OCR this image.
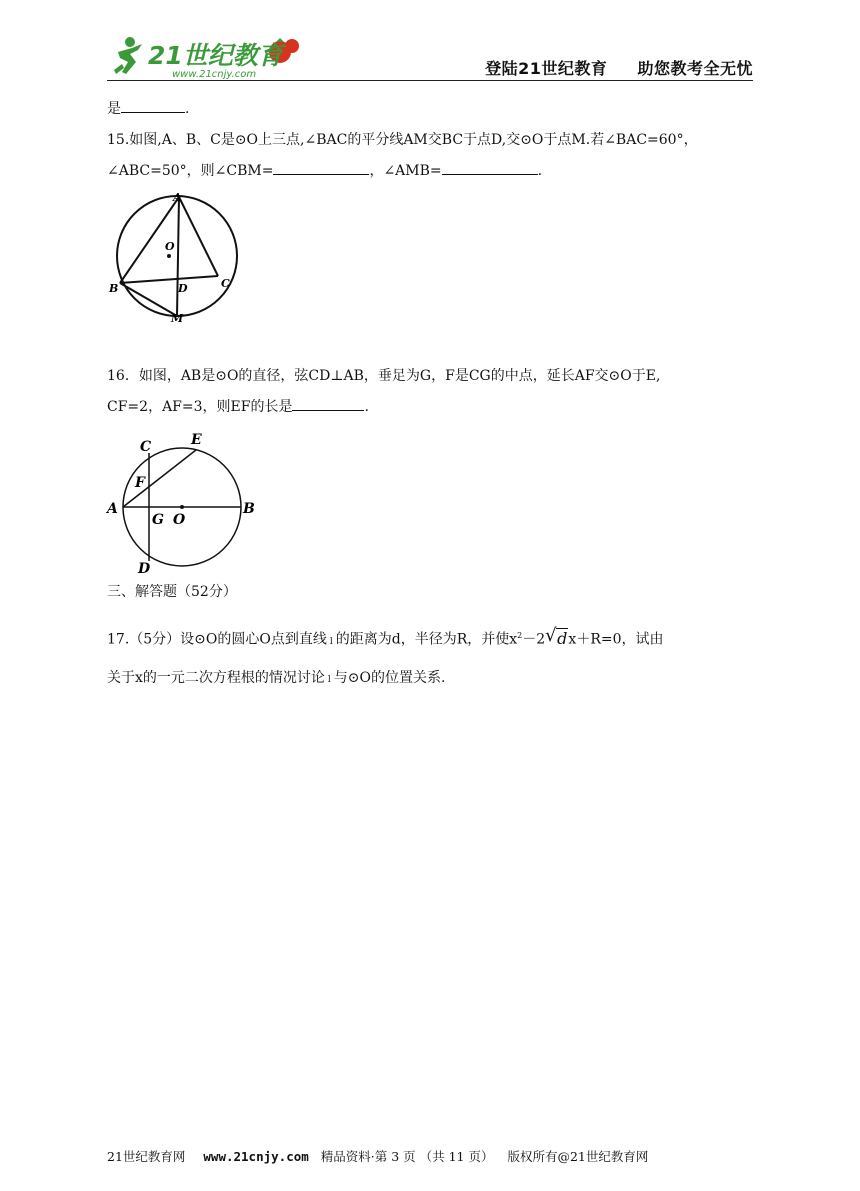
21世纪教育
www.21cnjy.com	登陆21世纪教育 助您教考全无忧
是	.
15.如图,A、B、C是⊙O上三点,∠BAC的平分线AM交BC于点D,交⊙O于点M.若∠BAC=60°，
∠ABC=50°，则∠CBM=	，∠AMB=	.
A
O
B	D	C
M
16．如图，AB是⊙O的直径，弦CD⊥AB，垂足为G，F是CG的中点，延长AF交⊙O于E,
CF=2，AF=3，则EF的长是	.
C	E
F
A
G O
B
D
三、解答题（52分）
17.（5分）设⊙O的圆心O点到直线 l 的距离为d，半径为R，并使$x^2-2√$ dx＋R=0，试由
关于x的一元二次方程根的情况讨论 l 与⊙O的位置关系.
21世纪教育网 www.21cnjy.com 精品资料·第 3 页 （共 11 页） 版权所有@21世纪教育网
